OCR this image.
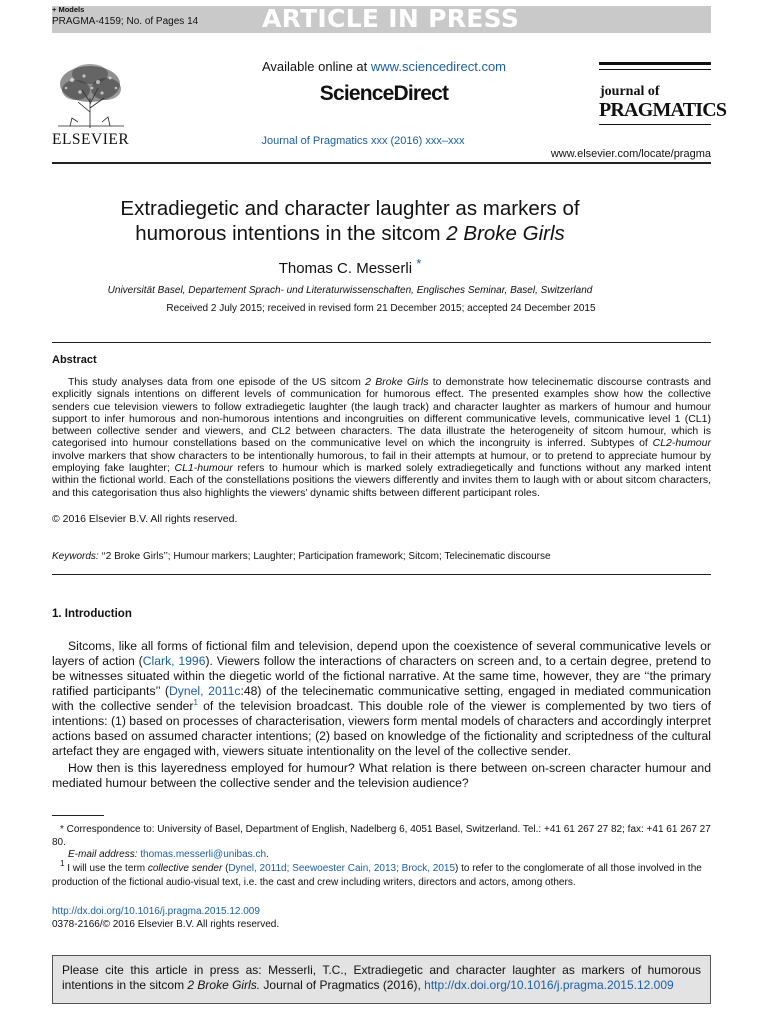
+ Models
PRAGMA-4159; No. of Pages 14	ARTICLE IN PRESS
ELSEVIER
Available online at www.sciencedirect.com
ScienceDirect
Journal of Pragmatics xxx (2016) xxx–xxx
journal of
PRAGMATICS
www.elsevier.com/locate/pragma
Extradiegetic and character laughter as markers of
humorous intentions in the sitcom 2 Broke Girls
Thomas C. Messerli *
Universität Basel, Departement Sprach- und Literaturwissenschaften, Englisches Seminar, Basel, Switzerland
Received 2 July 2015; received in revised form 21 December 2015; accepted 24 December 2015
Abstract
This study analyses data from one episode of the US sitcom 2 Broke Girls to demonstrate how telecinematic discourse contrasts and explicitly signals intentions on different levels of communication for humorous effect. The presented examples show how the collective senders cue television viewers to follow extradiegetic laughter (the laugh track) and character laughter as markers of humour and humour support to infer humorous and non-humorous intentions and incongruities on different communicative levels, communicative level 1 (CL1) between collective sender and viewers, and CL2 between characters. The data illustrate the heterogeneity of sitcom humour, which is categorised into humour constellations based on the communicative level on which the incongruity is inferred. Subtypes of CL2-humour involve markers that show characters to be intentionally humorous, to fail in their attempts at humour, or to pretend to appreciate humour by employing fake laughter; CL1-humour refers to humour which is marked solely extradiegetically and functions without any marked intent within the fictional world. Each of the constellations positions the viewers differently and invites them to laugh with or about sitcom characters, and this categorisation thus also highlights the viewers’ dynamic shifts between different participant roles.
© 2016 Elsevier B.V. All rights reserved.
Keywords: ‘‘2 Broke Girls’’; Humour markers; Laughter; Participation framework; Sitcom; Telecinematic discourse
1. Introduction
Sitcoms, like all forms of fictional film and television, depend upon the coexistence of several communicative levels or layers of action (Clark, 1996). Viewers follow the interactions of characters on screen and, to a certain degree, pretend to be witnesses situated within the diegetic world of the fictional narrative. At the same time, however, they are ‘‘the primary ratified participants’’ (Dynel, 2011c:48) of the telecinematic communicative setting, engaged in mediated communication with the collective sender$^1$ of the television broadcast. This double role of the viewer is complemented by two tiers of intentions: (1) based on processes of characterisation, viewers form mental models of characters and accordingly interpret actions based on assumed character intentions; (2) based on knowledge of the fictionality and scriptedness of the cultural artefact they are engaged with, viewers situate intentionality on the level of the collective sender.
How then is this layeredness employed for humour? What relation is there between on-screen character humour and mediated humour between the collective sender and the television audience?
* Correspondence to: University of Basel, Department of English, Nadelberg 6, 4051 Basel, Switzerland. Tel.: +41 61 267 27 82; fax: +41 61 267 27 80.
E-mail address: thomas.messerli@unibas.ch.
$^1$ I will use the term collective sender (Dynel, 2011d; Seewoester Cain, 2013; Brock, 2015) to refer to the conglomerate of all those involved in the production of the fictional audio-visual text, i.e. the cast and crew including writers, directors and actors, among others.
http://dx.doi.org/10.1016/j.pragma.2015.12.009
0378-2166/© 2016 Elsevier B.V. All rights reserved.
Please cite this article in press as: Messerli, T.C., Extradiegetic and character laughter as markers of humorous intentions in the sitcom 2 Broke Girls. Journal of Pragmatics (2016), http://dx.doi.org/10.1016/j.pragma.2015.12.009
